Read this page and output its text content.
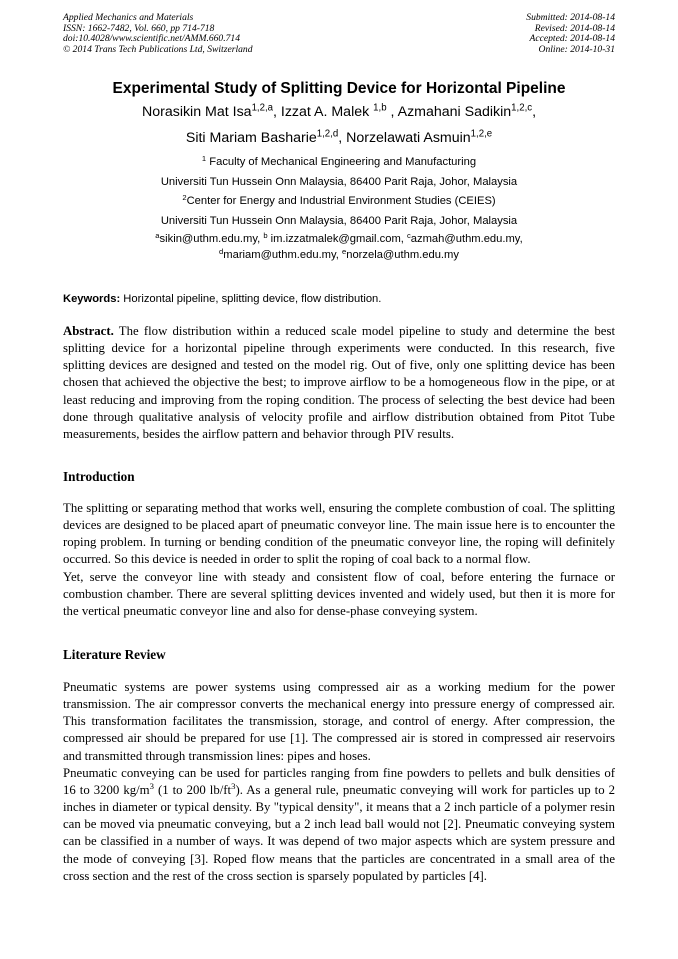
Applied Mechanics and Materials
ISSN: 1662-7482, Vol. 660, pp 714-718
doi:10.4028/www.scientific.net/AMM.660.714
© 2014 Trans Tech Publications Ltd, Switzerland
Submitted: 2014-08-14
Revised: 2014-08-14
Accepted: 2014-08-14
Online: 2014-10-31
Experimental Study of Splitting Device for Horizontal Pipeline
Norasikin Mat Isa$^{1,2,a}$, Izzat A. Malek $^{1,b}$ , Azmahani Sadikin$^{1,2,c}$,
Siti Mariam Basharie$^{1,2,d}$, Norzelawati Asmuin$^{1,2,e}$
$^1$ Faculty of Mechanical Engineering and Manufacturing
Universiti Tun Hussein Onn Malaysia, 86400 Parit Raja, Johor, Malaysia
$^2$Center for Energy and Industrial Environment Studies (CEIES)
Universiti Tun Hussein Onn Malaysia, 86400 Parit Raja, Johor, Malaysia
$^a$sikin@uthm.edu.my, $^b$ im.izzatmalek@gmail.com, $^c$azmah@uthm.edu.my,
$^d$mariam@uthm.edu.my, $^e$norzela@uthm.edu.my
Keywords: Horizontal pipeline, splitting device, flow distribution.

Abstract. The flow distribution within a reduced scale model pipeline to study and determine the best splitting device for a horizontal pipeline through experiments were conducted. In this research, five splitting devices are designed and tested on the model rig. Out of five, only one splitting device has been chosen that achieved the objective the best; to improve airflow to be a homogeneous flow in the pipe, or at least reducing and improving from the roping condition. The process of selecting the best device had been done through qualitative analysis of velocity profile and airflow distribution obtained from Pitot Tube measurements, besides the airflow pattern and behavior through PIV results.

Introduction

The splitting or separating method that works well, ensuring the complete combustion of coal. The splitting devices are designed to be placed apart of pneumatic conveyor line. The main issue here is to encounter the roping problem. In turning or bending condition of the pneumatic conveyor line, the roping will definitely occurred. So this device is needed in order to split the roping of coal back to a normal flow.

Yet, serve the conveyor line with steady and consistent flow of coal, before entering the furnace or combustion chamber. There are several splitting devices invented and widely used, but then it is more for the vertical pneumatic conveyor line and also for dense-phase conveying system.

Literature Review

Pneumatic systems are power systems using compressed air as a working medium for the power transmission. The air compressor converts the mechanical energy into pressure energy of compressed air. This transformation facilitates the transmission, storage, and control of energy. After compression, the compressed air should be prepared for use [1]. The compressed air is stored in compressed air reservoirs and transmitted through transmission lines: pipes and hoses.

Pneumatic conveying can be used for particles ranging from fine powders to pellets and bulk densities of 16 to 3200 $kg/m^3$ (1 to 200 $lb/ft^3$). As a general rule, pneumatic conveying will work for particles up to 2 inches in diameter or typical density. By "typical density", it means that a 2 inch particle of a polymer resin can be moved via pneumatic conveying, but a 2 inch lead ball would not [2]. Pneumatic conveying system can be classified in a number of ways. It was depend of two major aspects which are system pressure and the mode of conveying [3]. Roped flow means that the particles are concentrated in a small area of the cross section and the rest of the cross section is sparsely populated by particles [4].
